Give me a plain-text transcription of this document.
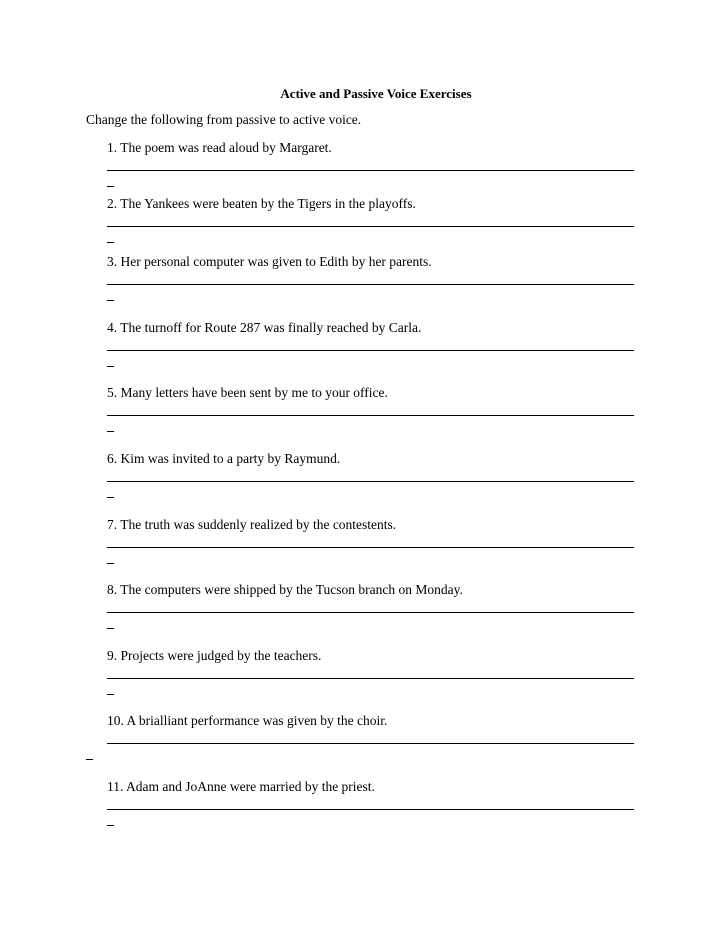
Active and Passive Voice Exercises
Change the following from passive to active voice.
1. The poem was read aloud by Margaret.
2. The Yankees were beaten by the Tigers in the playoffs.
3. Her personal computer was given to Edith by her parents.
4. The turnoff for Route 287 was finally reached by Carla.
5. Many letters have been sent by me to your office.
6. Kim was invited to a party by Raymund.
7. The truth was suddenly realized by the contestents.
8. The computers were shipped by the Tucson branch on Monday.
9. Projects were judged by the teachers.
10. A brialliant performance was given by the choir.
11. Adam and JoAnne were married by the priest.
